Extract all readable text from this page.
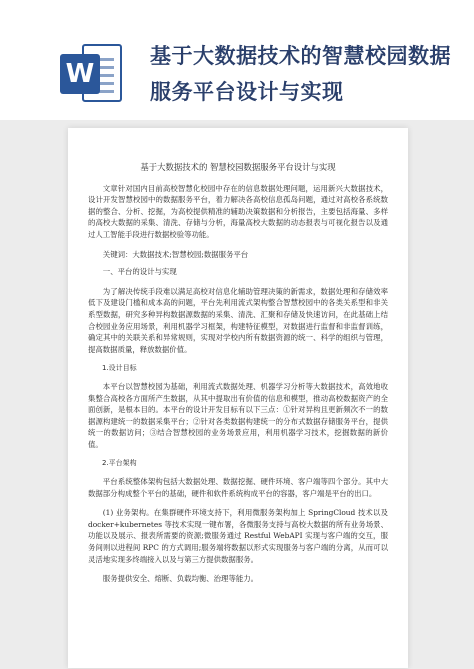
W
基于大数据技术的智慧校园数据服务平台设计与实现
基于大数据技术的 智慧校园数据服务平台设计与实现

文章针对国内目前高校智慧化校园中存在的信息数据处理问题，运用新兴大数据技术，设计开发智慧校园中的数据服务平台，着力解决各高校信息孤岛问题，通过对高校各系统数据的整合、分析、挖掘，为高校提供精准的辅助决策数据和分析报告，主要包括海量、多样的高校大数据的采集、清洗、存储与分析，海量高校大数据的动态报表与可视化报告以及通过人工智能手段进行数据校验等功能。

关键词：大数据技术;智慧校园;数据服务平台

一、平台的设计与实现

为了解决传统手段难以满足高校对信息化辅助管理决策的新需求，数据处理和存储效率低下及建设门槛和成本高的问题，平台先利用流式架构整合智慧校园中的各类关系型和非关系型数据，研究多种异构数据源数据的采集、清洗、汇聚和存储及快速访问，在此基础上结合校园业务应用场景，利用机器学习框架，构建特征模型，对数据进行监督和非监督训练，确定其中的关联关系和异常规则，实现对学校内所有数据资源的统一、科学的组织与管理，提高数据质量，释放数据价值。

1.设计目标

本平台以智慧校园为基础，利用流式数据处理、机器学习分析等大数据技术，高效地收集整合高校各方面所产生数据，从其中提取出有价值的信息和模型，推动高校数据资产的全面创新，是根本目的。本平台的设计开发目标有以下三点：①针对异构且更新频次不一的数据源构建统一的数据采集平台；②针对各类数据构建统一的分布式数据存储服务平台，提供统一的数据访问；③结合智慧校园的业务场景应用，利用机器学习技术，挖掘数据的新价值。

2.平台架构

平台系统整体架构包括大数据处理、数据挖掘、硬件环境、客户端等四个部分。其中大数据部分构成整个平台的基础，硬件和软件系统构成平台的容器，客户端是平台的出口。

(1) 业务架构。在集群硬件环境支持下，利用微服务架构加上 SpringCloud 技术以及 docker+kubernetes 等技术实现一键布署，各微服务支持与高校大数据的所有业务场景、功能以及展示、报表所需要的资源;微服务通过 Restful WebAPI 实现与客户端的交互，服务间则以进程间 RPC 的方式调用;服务端将数据以形式实现服务与客户端的分离，从而可以灵活地实现多终端接入以及与第三方提供数据服务。

服务提供安全、熔断、负载均衡、治理等能力。
